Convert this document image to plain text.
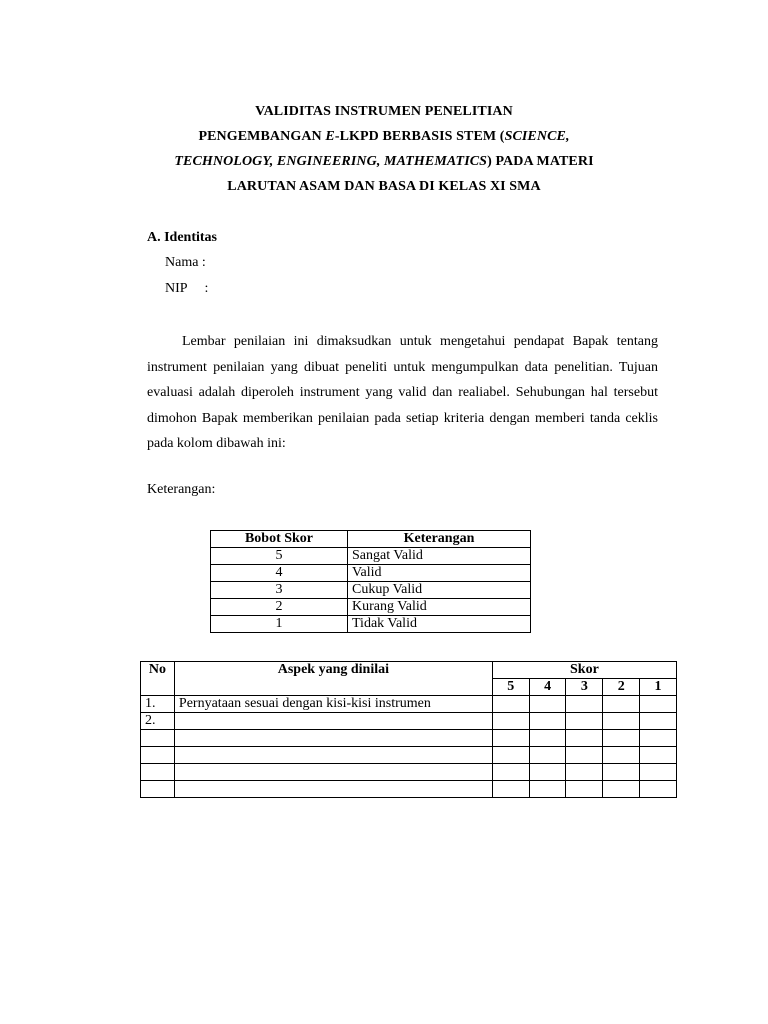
VALIDITAS INSTRUMEN PENELITIAN
PENGEMBANGAN E-LKPD BERBASIS STEM (SCIENCE,
TECHNOLOGY, ENGINEERING, MATHEMATICS) PADA MATERI
LARUTAN ASAM DAN BASA DI KELAS XI SMA
A. Identitas
Nama :
NIP     :
Lembar penilaian ini dimaksudkan untuk mengetahui pendapat Bapak tentang instrument penilaian yang dibuat peneliti untuk mengumpulkan data penelitian. Tujuan evaluasi adalah diperoleh instrument yang valid dan realiabel. Sehubungan hal tersebut dimohon Bapak memberikan penilaian pada setiap kriteria dengan memberi tanda ceklis pada kolom dibawah ini:
Keterangan:
Bobot Skor	Keterangan
5	Sangat Valid
4	Valid
3	Cukup Valid
2	Kurang Valid
1	Tidak Valid
No	Aspek yang dinilai	Skor				
		5	4	3	2	1
1.	Pernyataan sesuai dengan kisi-kisi instrumen					
2.						
